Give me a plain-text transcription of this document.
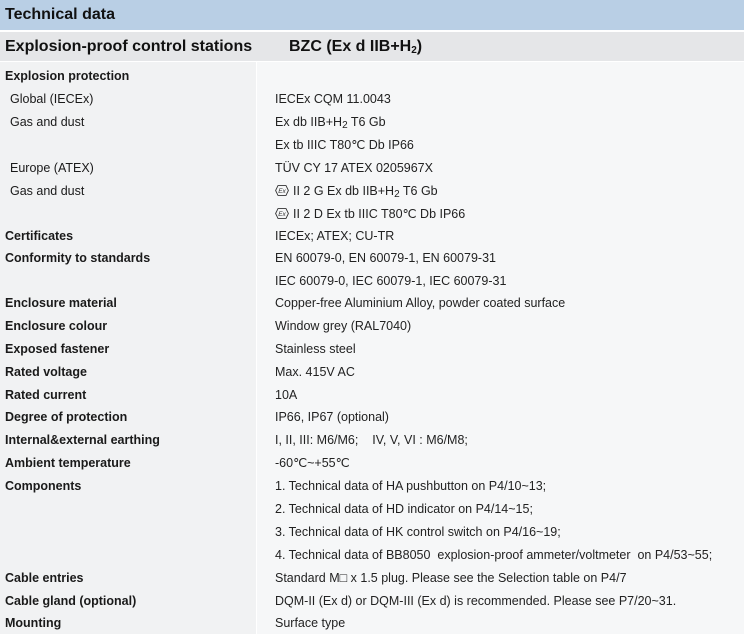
Technical data
Explosion-proof control stations BZC (Ex d $IIB+H_2$)
Explosion protection
Global (IECEx)	IECEx CQM 11.0043
Gas and dust	Ex db $IIB+H_2$ T6 Gb
Ex tb IIIC T80℃ Db IP66
Europe (ATEX)	TÜV CY 17 ATEX 0205967X
Gas and dust	Ex II 2 G Ex db $IIB+H_2$ T6 Gb
Ex II 2 D Ex tb IIIC T80℃ Db IP66
Certificates	IECEx; ATEX; CU-TR
Conformity to standards	EN 60079-0, EN 60079-1, EN 60079-31
IEC 60079-0, IEC 60079-1, IEC 60079-31
Enclosure material	Copper-free Aluminium Alloy, powder coated surface
Enclosure colour	Window grey (RAL7040)
Exposed fastener	Stainless steel
Rated voltage	Max. 415V AC
Rated current	10A
Degree of protection	IP66, IP67 (optional)
Internal&external earthing	I, II, III: M6/M6;    IV, V, VI : M6/M8;
Ambient temperature	-60℃~+55℃
Components	1. Technical data of HA pushbutton on P4/10~13;
2. Technical data of HD indicator on P4/14~15;
3. Technical data of HK control switch on P4/16~19;
4. Technical data of BB8050  explosion-proof ammeter/voltmeter  on P4/53~55;
Cable entries	Standard M□ x 1.5 plug. Please see the Selection table on P4/7
Cable gland (optional)	DQM-II (Ex d) or DQM-III (Ex d) is recommended. Please see P7/20~31.
Mounting	Surface type
